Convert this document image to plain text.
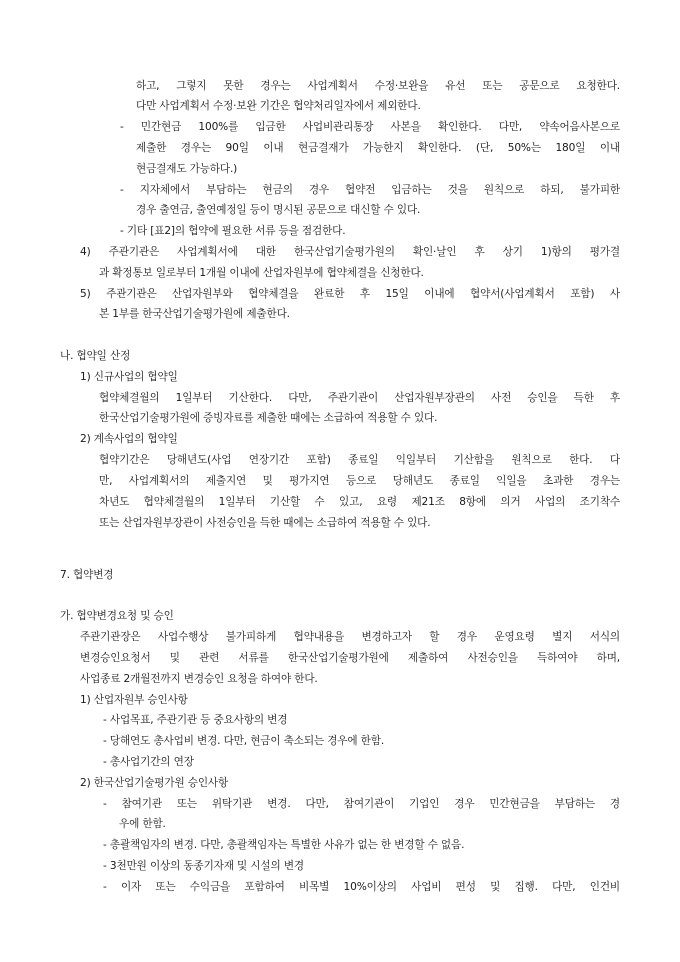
하고, 그렇지 못한 경우는 사업계획서 수정·보완을 유선 또는 공문으로 요청한다.

다만 사업계획서 수정·보완 기간은 협약처리일자에서 제외한다.

- 민간현금 100%를 입금한 사업비관리통장 사본을 확인한다. 다만, 약속어음사본으로

제출한 경우는 90일 이내 현금결재가 가능한지 확인한다. (단, 50%는 180일 이내

현금결재도 가능하다.)

- 지자체에서 부담하는 현금의 경우 협약전 입금하는 것을 원칙으로 하되, 불가피한

경우 출연금, 출연예정일 등이 명시된 공문으로 대신할 수 있다.

- 기타 [표2]의 협약에 필요한 서류 등을 점검한다.

4) 주관기관은 사업계획서에 대한 한국산업기술평가원의 확인·날인 후 상기 1)항의 평가결

과 확정통보 일로부터 1개월 이내에 산업자원부에 협약체결을 신청한다.

5) 주관기관은 산업자원부와 협약체결을 완료한 후 15일 이내에 협약서(사업계획서 포함) 사

본 1부를 한국산업기술평가원에 제출한다.

나. 협약일 산정

1) 신규사업의 협약일

협약체결월의 1일부터 기산한다. 다만, 주관기관이 산업자원부장관의 사전 승인을 득한 후

한국산업기술평가원에 증빙자료를 제출한 때에는 소급하여 적용할 수 있다.

2) 계속사업의 협약일

협약기간은 당해년도(사업 연장기간 포함) 종료일 익일부터 기산함을 원칙으로 한다. 다

만, 사업계획서의 제출지연 및 평가지연 등으로 당해년도 종료일 익일을 초과한 경우는

차년도 협약체결월의 1일부터 기산할 수 있고, 요령 제21조 8항에 의거 사업의 조기착수

또는 산업자원부장관이 사전승인을 득한 때에는 소급하여 적용할 수 있다.

7. 협약변경

가. 협약변경요청 및 승인

주관기관장은 사업수행상 불가피하게 협약내용을 변경하고자 할 경우 운영요령 별지 서식의

변경승인요청서 및 관련 서류를 한국산업기술평가원에 제출하여 사전승인을 득하여야 하며,

사업종료 2개월전까지 변경승인 요청을 하여야 한다.

1) 산업자원부 승인사항

- 사업목표, 주관기관 등 중요사항의 변경

- 당해연도 총사업비 변경. 다만, 현금이 축소되는 경우에 한함.

- 총사업기간의 연장

2) 한국산업기술평가원 승인사항

- 참여기관 또는 위탁기관 변경. 다만, 참여기관이 기업인 경우 민간현금을 부담하는 경

우에 한함.

- 총괄책임자의 변경. 다만, 총괄책임자는 특별한 사유가 없는 한 변경할 수 없음.

- 3천만원 이상의 동종기자재 및 시설의 변경

- 이자 또는 수익금을 포함하여 비목별 10%이상의 사업비 편성 및 집행. 다만, 인건비
